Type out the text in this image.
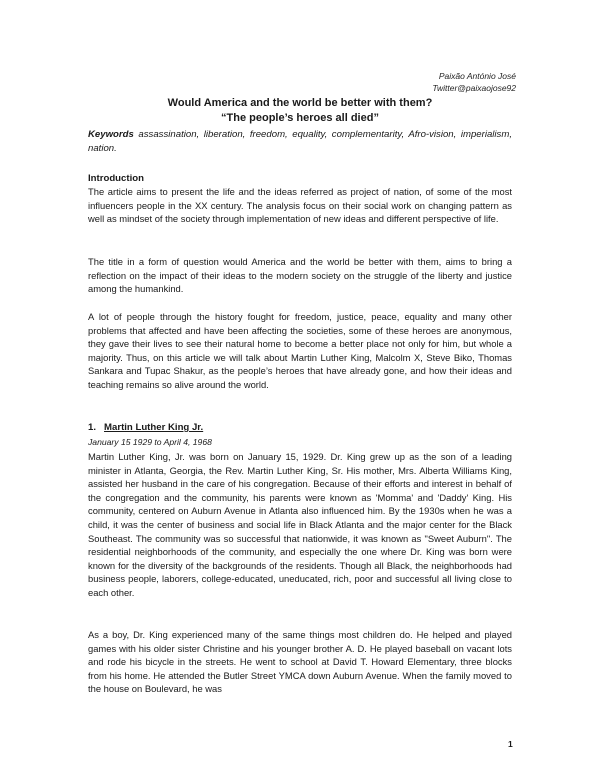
Paixão António José
Twitter@paixaojose92
Would America and the world be better with them?
“The people’s heroes all died”
Keywords assassination, liberation, freedom, equality, complementarity, Afro-vision, imperialism, nation.
Introduction

The article aims to present the life and the ideas referred as project of nation, of some of the most influencers people in the XX century. The analysis focus on their social work on changing pattern as well as mindset of the society through implementation of new ideas and different perspective of life.

The title in a form of question would America and the world be better with them, aims to bring a reflection on the impact of their ideas to the modern society on the struggle of the liberty and justice among the humankind.

A lot of people through the history fought for freedom, justice, peace, equality and many other problems that affected and have been affecting the societies, some of these heroes are anonymous, they gave their lives to see their natural home to become a better place not only for him, but whole a majority. Thus, on this article we will talk about Martin Luther King, Malcolm X, Steve Biko, Thomas Sankara and Tupac Shakur, as the people’s heroes that have already gone, and how their ideas and teaching remains so alive around the world.

1. Martin Luther King Jr.
January 15 1929 to April 4, 1968

Martin Luther King, Jr. was born on January 15, 1929. Dr. King grew up as the son of a leading minister in Atlanta, Georgia, the Rev. Martin Luther King, Sr. His mother, Mrs. Alberta Williams King, assisted her husband in the care of his congregation. Because of their efforts and interest in behalf of the congregation and the community, his parents were known as 'Momma' and 'Daddy' King. His community, centered on Auburn Avenue in Atlanta also influenced him. By the 1930s when he was a child, it was the center of business and social life in Black Atlanta and the major center for the Black Southeast. The community was so successful that nationwide, it was known as "Sweet Auburn". The residential neighborhoods of the community, and especially the one where Dr. King was born were known for the diversity of the backgrounds of the residents. Though all Black, the neighborhoods had business people, laborers, college-educated, uneducated, rich, poor and successful all living close to each other.

As a boy, Dr. King experienced many of the same things most children do. He helped and played games with his older sister Christine and his younger brother A. D. He played baseball on vacant lots and rode his bicycle in the streets. He went to school at David T. Howard Elementary, three blocks from his home. He attended the Butler Street YMCA down Auburn Avenue. When the family moved to the house on Boulevard, he was

1
